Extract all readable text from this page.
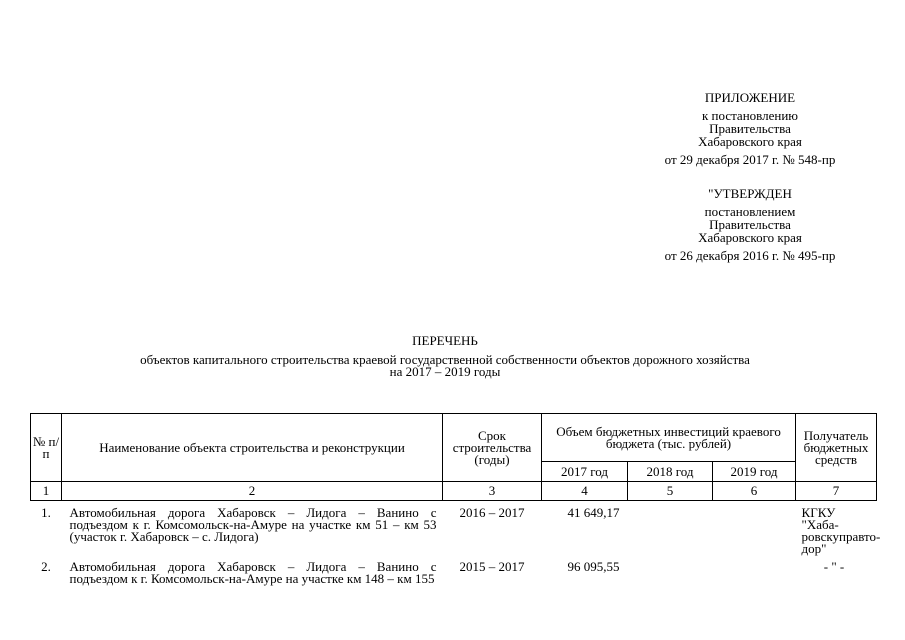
ПРИЛОЖЕНИЕ
к постановлению
Правительства
Хабаровского края
от 29 декабря 2017 г. № 548-пр
"УТВЕРЖДЕН
постановлением
Правительства
Хабаровского края
от 26 декабря 2016 г. № 495-пр
ПЕРЕЧЕНЬ
объектов капитального строительства краевой государственной собственности объектов дорожного хозяйства
на 2017 – 2019 годы
№ п/п	Наименование объекта строительства и реконструкции	Срок строительства (годы)	Объем бюджетных инвестиций краевого бюджета (тыс. рублей)			Получатель бюджетных средств
			2017 год	2018 год	2019 год	
1	2	3	4	5	6	7
1.	Автомобильная дорога Хабаровск – Лидога – Ванино с подъездом к г. Комсомольск-на-Амуре на участке км 51 – км 53 (участок г. Хабаровск – с. Лидога)	2016 – 2017	41 649,17			КГКУ "Хаба-ровскуправто-дор"
2.	Автомобильная дорога Хабаровск – Лидога – Ванино с подъездом к г. Комсомольск-на-Амуре на участке км 148 – км 155	2015 – 2017	96 095,55			- " -
